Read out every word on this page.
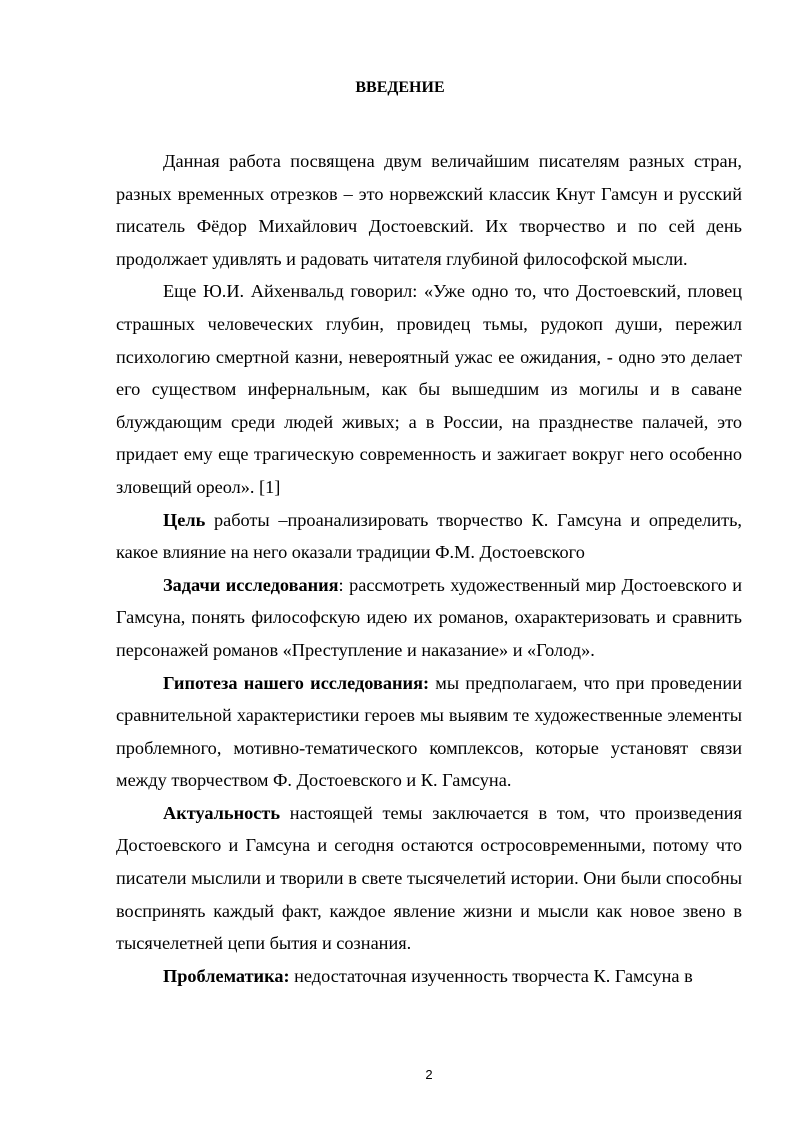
ВВЕДЕНИЕ

Данная работа посвящена двум величайшим писателям разных стран, разных временных отрезков – это норвежский классик Кнут Гамсун и русский писатель Фёдор Михайлович Достоевский. Их творчество и по сей день продолжает удивлять и радовать читателя глубиной философской мысли.

Еще Ю.И. Айхенвальд говорил: «Уже одно то, что Достоевский, пловец страшных человеческих глубин, провидец тьмы, рудокоп души, пережил психологию смертной казни, невероятный ужас ее ожидания, - одно это делает его существом инфернальным, как бы вышедшим из могилы и в саване блуждающим среди людей живых; а в России, на празднестве палачей, это придает ему еще трагическую современность и зажигает вокруг него особенно зловещий ореол». [1]

Цель работы –проанализировать творчество К. Гамсуна и определить, какое влияние на него оказали традиции Ф.М. Достоевского

Задачи исследования: рассмотреть художественный мир Достоевского и Гамсуна, понять философскую идею их романов, охарактеризовать и сравнить персонажей романов «Преступление и наказание» и «Голод».

Гипотеза нашего исследования: мы предполагаем, что при проведении сравнительной характеристики героев мы выявим те художественные элементы проблемного, мотивно-тематического комплексов, которые установят связи между творчеством Ф. Достоевского и К. Гамсуна.

Актуальность настоящей темы заключается в том, что произведения Достоевского и Гамсуна и сегодня остаются остросовременными, потому что писатели мыслили и творили в свете тысячелетий истории. Они были способны воспринять каждый факт, каждое явление жизни и мысли как новое звено в тысячелетней цепи бытия и сознания.

Проблематика: недостаточная изученность творчеста К. Гамсуна в

2
